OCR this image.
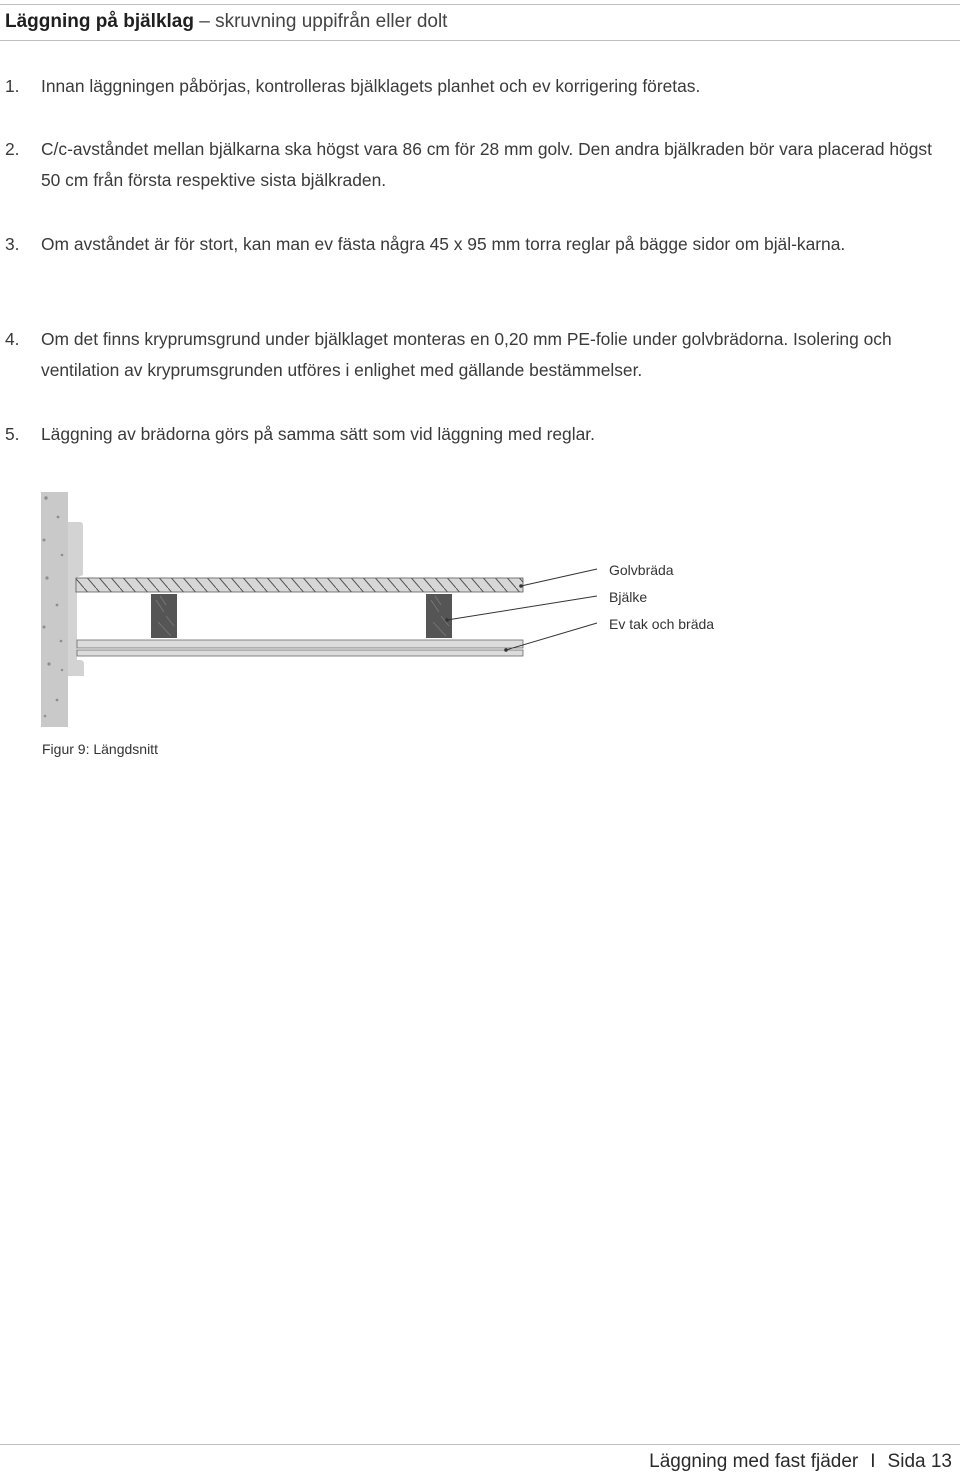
Läggning på bjälklag – skruvning uppifrån eller dolt
1.	Innan läggningen påbörjas, kontrolleras bjälklagets planhet och ev korrigering företas.
2.	C/c-avståndet mellan bjälkarna ska högst vara 86 cm för 28 mm golv. Den andra bjälkraden bör vara placerad högst 50 cm från första respektive sista bjälkraden.
3.	Om avståndet är för stort, kan man ev fästa några 45 x 95 mm torra reglar på bägge sidor om bjäl-karna.
4.	Om det finns kryprumsgrund under bjälklaget monteras en 0,20 mm PE-folie under golvbrädorna. Isolering och ventilation av kryprumsgrunden utföres i enlighet med gällande bestämmelser.
5.	Läggning av brädorna görs på samma sätt som vid läggning med reglar.
Golvbräda
Bjälke
Ev tak och bräda
Figur 9: Längdsnitt
Läggning med fast fjäder I Sida 13
